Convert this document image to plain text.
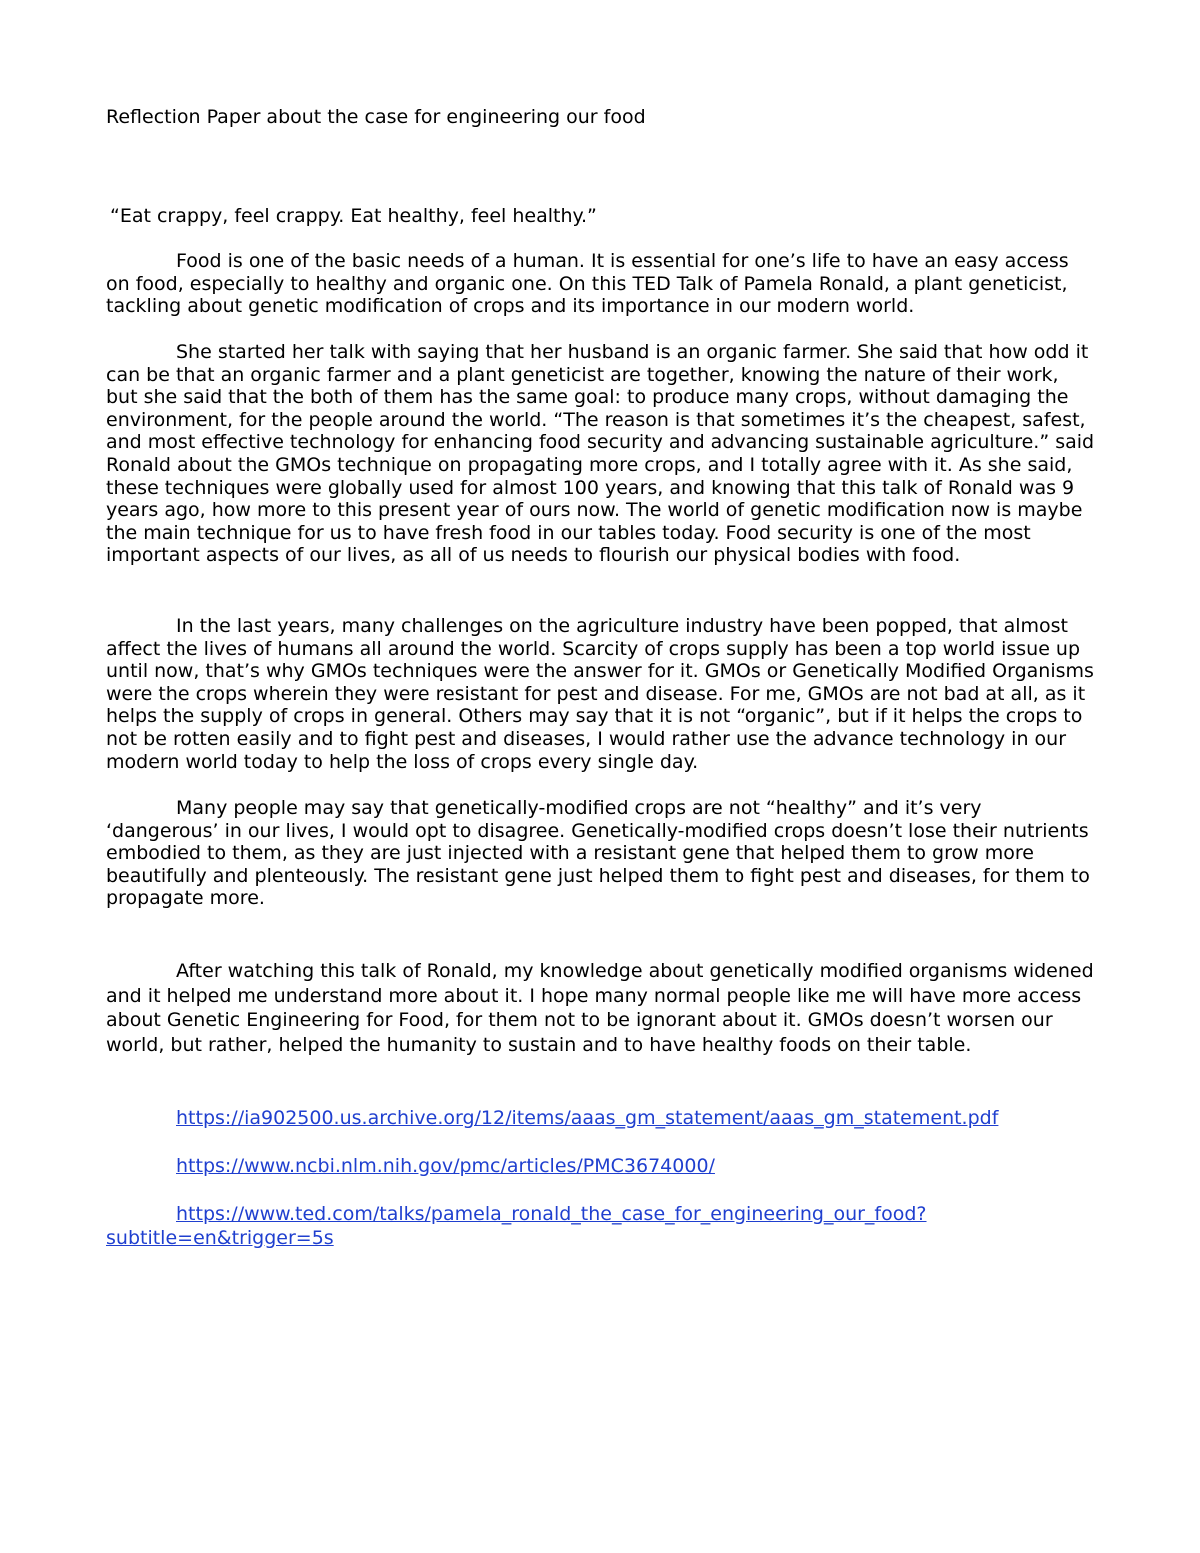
Reflection Paper about the case for engineering our food
“Eat crappy, feel crappy. Eat healthy, feel healthy.”

Food is one of the basic needs of a human. It is essential for one’s life to have an easy access on food, especially to healthy and organic one. On this TED Talk of Pamela Ronald, a plant geneticist, tackling about genetic modification of crops and its importance in our modern world.

She started her talk with saying that her husband is an organic farmer. She said that how odd it can be that an organic farmer and a plant geneticist are together, knowing the nature of their work, but she said that the both of them has the same goal: to produce many crops, without damaging the environment, for the people around the world. “The reason is that sometimes it’s the cheapest, safest, and most effective technology for enhancing food security and advancing sustainable agriculture.” said Ronald about the GMOs technique on propagating more crops, and I totally agree with it. As she said, these techniques were globally used for almost 100 years, and knowing that this talk of Ronald was 9 years ago, how more to this present year of ours now. The world of genetic modification now is maybe the main technique for us to have fresh food in our tables today. Food security is one of the most important aspects of our lives, as all of us needs to flourish our physical bodies with food.

In the last years, many challenges on the agriculture industry have been popped, that almost affect the lives of humans all around the world. Scarcity of crops supply has been a top world issue up until now, that’s why GMOs techniques were the answer for it. GMOs or Genetically Modified Organisms were the crops wherein they were resistant for pest and disease. For me, GMOs are not bad at all, as it helps the supply of crops in general. Others may say that it is not “organic”, but if it helps the crops to not be rotten easily and to fight pest and diseases, I would rather use the advance technology in our modern world today to help the loss of crops every single day.

Many people may say that genetically-modified crops are not “healthy” and it’s very ‘dangerous’ in our lives, I would opt to disagree. Genetically-modified crops doesn’t lose their nutrients embodied to them, as they are just injected with a resistant gene that helped them to grow more beautifully and plenteously. The resistant gene just helped them to fight pest and diseases, for them to propagate more.

After watching this talk of Ronald, my knowledge about genetically modified organisms widened and it helped me understand more about it. I hope many normal people like me will have more access about Genetic Engineering for Food, for them not to be ignorant about it. GMOs doesn’t worsen our world, but rather, helped the humanity to sustain and to have healthy foods on their table.

https://ia902500.us.archive.org/12/items/aaas_gm_statement/aaas_gm_statement.pdf

https://www.ncbi.nlm.nih.gov/pmc/articles/PMC3674000/

https://www.ted.com/talks/pamela_ronald_the_case_for_engineering_our_food?subtitle=en&trigger=5s
